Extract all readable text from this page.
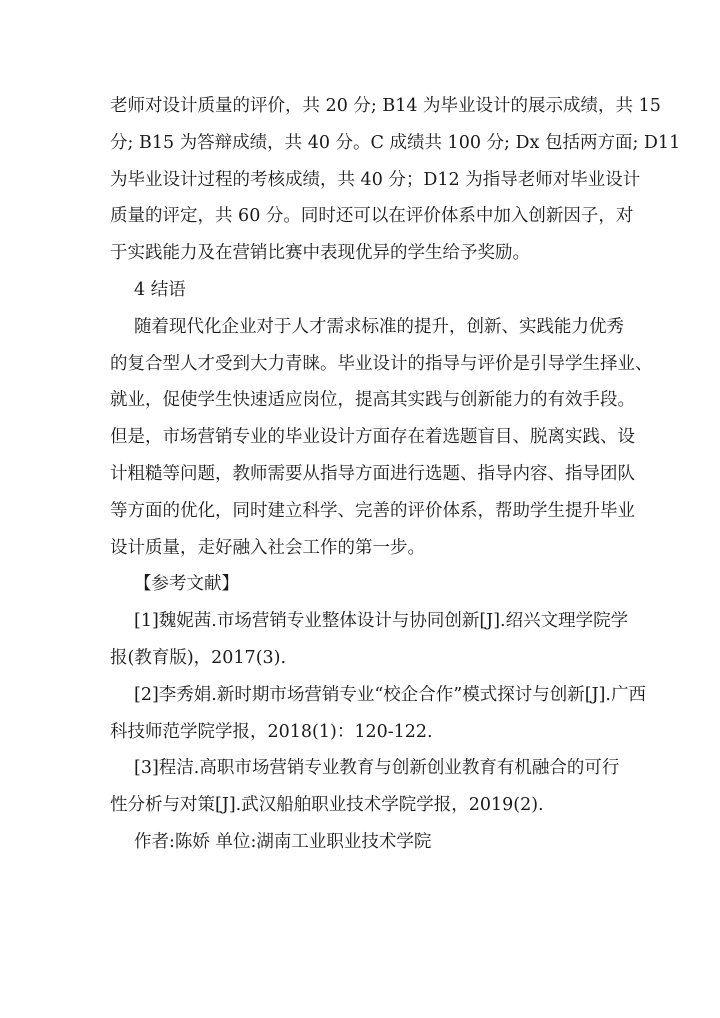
老师对设计质量的评价，共 20 分; B14 为毕业设计的展示成绩，共 15
分; B15 为答辩成绩，共 40 分。C 成绩共 100 分; Dx 包括两方面; D11
为毕业设计过程的考核成绩，共 40 分；D12 为指导老师对毕业设计
质量的评定，共 60 分。同时还可以在评价体系中加入创新因子，对
于实践能力及在营销比赛中表现优异的学生给予奖励。
4 结语
随着现代化企业对于人才需求标准的提升，创新、实践能力优秀
的复合型人才受到大力青睐。毕业设计的指导与评价是引导学生择业、
就业，促使学生快速适应岗位，提高其实践与创新能力的有效手段。
但是，市场营销专业的毕业设计方面存在着选题盲目、脱离实践、设
计粗糙等问题，教师需要从指导方面进行选题、指导内容、指导团队
等方面的优化，同时建立科学、完善的评价体系，帮助学生提升毕业
设计质量，走好融入社会工作的第一步。
【参考文献】
[1]魏妮茜.市场营销专业整体设计与协同创新[J].绍兴文理学院学
报(教育版)，2017(3).
[2]李秀娟.新时期市场营销专业“校企合作”模式探讨与创新[J].广西
科技师范学院学报，2018(1)：120-122.
[3]程洁.高职市场营销专业教育与创新创业教育有机融合的可行
性分析与对策[J].武汉船舶职业技术学院学报，2019(2).
作者:陈娇 单位:湖南工业职业技术学院
